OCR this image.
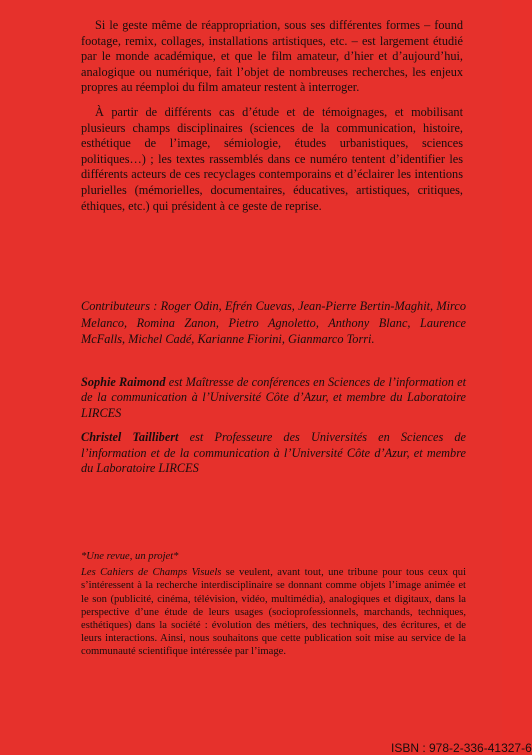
Si le geste même de réappropriation, sous ses différentes formes – found footage, remix, collages, installations artistiques, etc. – est largement étudié par le monde académique, et que le film amateur, d’hier et d’aujourd’hui, analogique ou numérique, fait l’objet de nombreuses recherches, les enjeux propres au réemploi du film amateur restent à interroger.

À partir de différents cas d’étude et de témoignages, et mobilisant plusieurs champs disciplinaires (sciences de la communication, histoire, esthétique de l’image, sémiologie, études urbanistiques, sciences politiques…) ; les textes rassemblés dans ce numéro tentent d’identifier les différents acteurs de ces recyclages contemporains et d’éclairer les intentions plurielles (mémorielles, documentaires, éducatives, artistiques, critiques, éthiques, etc.) qui président à ce geste de reprise.

Contributeurs : Roger Odin, Efrén Cuevas, Jean-Pierre Bertin-Maghit, Mirco Melanco, Romina Zanon, Pietro Agnoletto, Anthony Blanc, Laurence McFalls, Michel Cadé, Karianne Fiorini, Gianmarco Torri.

Sophie Raimond est Maîtresse de conférences en Sciences de l’information et de la communication à l’Université Côte d’Azur, et membre du Laboratoire LIRCES

Christel Taillibert est Professeure des Universités en Sciences de l’information et de la communication à l’Université Côte d’Azur, et membre du Laboratoire LIRCES

*Une revue, un projet*

Les Cahiers de Champs Visuels se veulent, avant tout, une tribune pour tous ceux qui s’intéressent à la recherche interdisciplinaire se donnant comme objets l’image animée et le son (publicité, cinéma, télévision, vidéo, multimédia), analogiques et digitaux, dans la perspective d’une étude de leurs usages (socioprofessionnels, marchands, techniques, esthétiques) dans la société : évolution des métiers, des techniques, des écritures, et de leurs interactions. Ainsi, nous souhaitons que cette publication soit mise au service de la communauté scientifique intéressée par l’image.

ISBN : 978-2-336-41327-6
